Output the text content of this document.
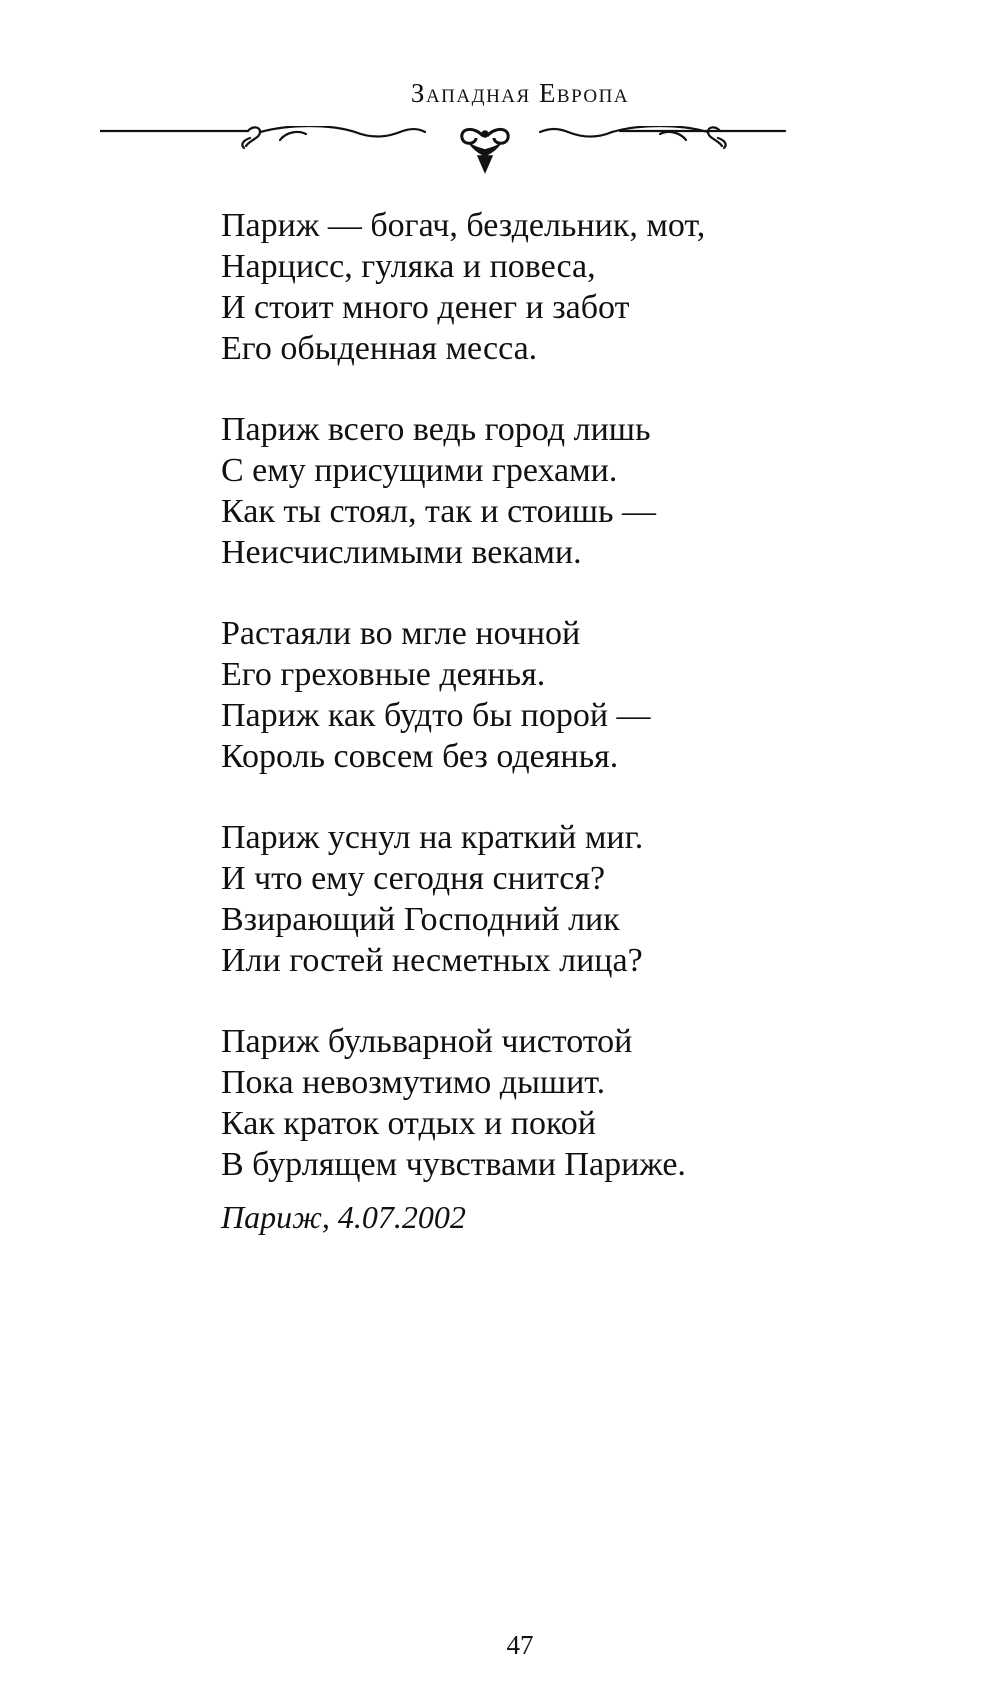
Западная Европа
Париж — богач, бездельник, мот,
Нарцисс, гуляка и повеса,
И стоит много денег и забот
Его обыденная месса.
Париж всего ведь город лишь
С ему присущими грехами.
Как ты стоял, так и стоишь —
Неисчислимыми веками.
Растаяли во мгле ночной
Его греховные деянья.
Париж как будто бы порой —
Король совсем без одеянья.
Париж уснул на краткий миг.
И что ему сегодня снится?
Взирающий Господний лик
Или гостей несметных лица?
Париж бульварной чистотой
Пока невозмутимо дышит.
Как краток отдых и покой
В бурлящем чувствами Париже.
Париж, 4.07.2002
47
